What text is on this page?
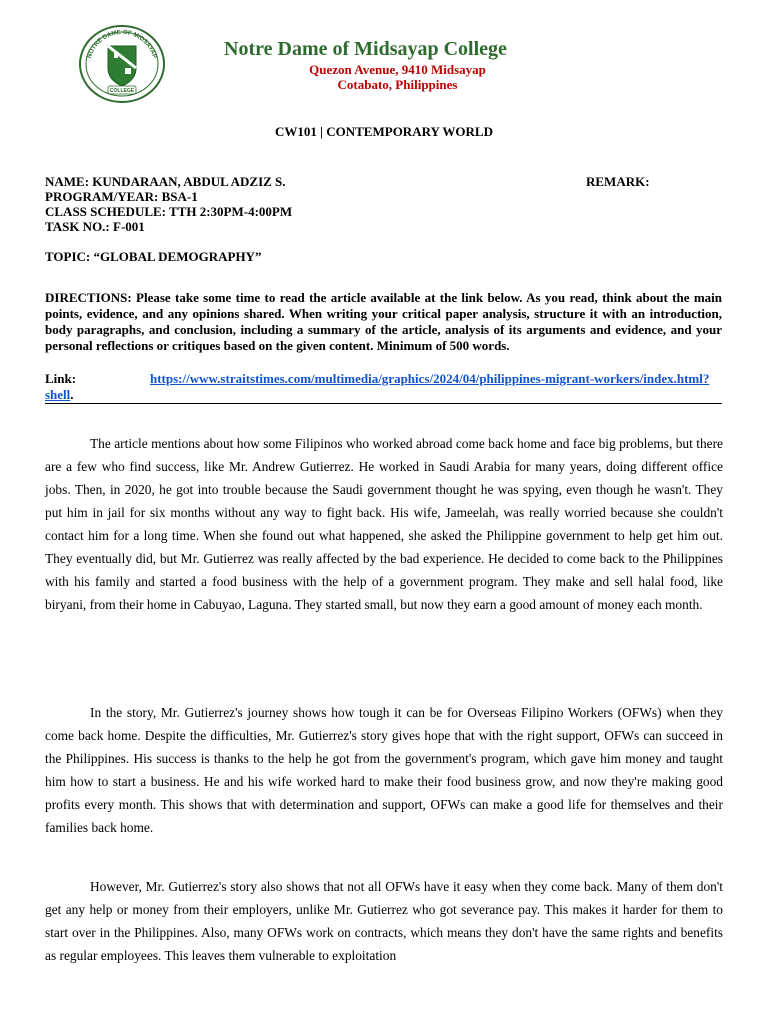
NOTRE DAME OF MIDSAYAP
COLLEGE
Notre Dame of Midsayap College
Quezon Avenue, 9410 Midsayap
Cotabato, Philippines
CW101 | CONTEMPORARY WORLD
NAME: KUNDARAAN, ABDUL ADZIZ S.
PROGRAM/YEAR: BSA-1
CLASS SCHEDULE: TTH 2:30PM-4:00PM
TASK NO.: F-001
REMARK:
TOPIC: “GLOBAL DEMOGRAPHY”
DIRECTIONS: Please take some time to read the article available at the link below. As you read, think about the main points, evidence, and any opinions shared. When writing your critical paper analysis, structure it with an introduction, body paragraphs, and conclusion, including a summary of the article, analysis of its arguments and evidence, and your personal reflections or critiques based on the given content. Minimum of 500 words.
Link:	https://www.straitstimes.com/multimedia/graphics/2024/04/philippines-migrant-workers/index.html?shell.
The article mentions about how some Filipinos who worked abroad come back home and face big problems, but there are a few who find success, like Mr. Andrew Gutierrez. He worked in Saudi Arabia for many years, doing different office jobs. Then, in 2020, he got into trouble because the Saudi government thought he was spying, even though he wasn't. They put him in jail for six months without any way to fight back. His wife, Jameelah, was really worried because she couldn't contact him for a long time. When she found out what happened, she asked the Philippine government to help get him out. They eventually did, but Mr. Gutierrez was really affected by the bad experience. He decided to come back to the Philippines with his family and started a food business with the help of a government program. They make and sell halal food, like biryani, from their home in Cabuyao, Laguna. They started small, but now they earn a good amount of money each month.
In the story, Mr. Gutierrez's journey shows how tough it can be for Overseas Filipino Workers (OFWs) when they come back home. Despite the difficulties, Mr. Gutierrez's story gives hope that with the right support, OFWs can succeed in the Philippines. His success is thanks to the help he got from the government's program, which gave him money and taught him how to start a business. He and his wife worked hard to make their food business grow, and now they're making good profits every month. This shows that with determination and support, OFWs can make a good life for themselves and their families back home.
However, Mr. Gutierrez's story also shows that not all OFWs have it easy when they come back. Many of them don't get any help or money from their employers, unlike Mr. Gutierrez who got severance pay. This makes it harder for them to start over in the Philippines. Also, many OFWs work on contracts, which means they don't have the same rights and benefits as regular employees. This leaves them vulnerable to exploitation
